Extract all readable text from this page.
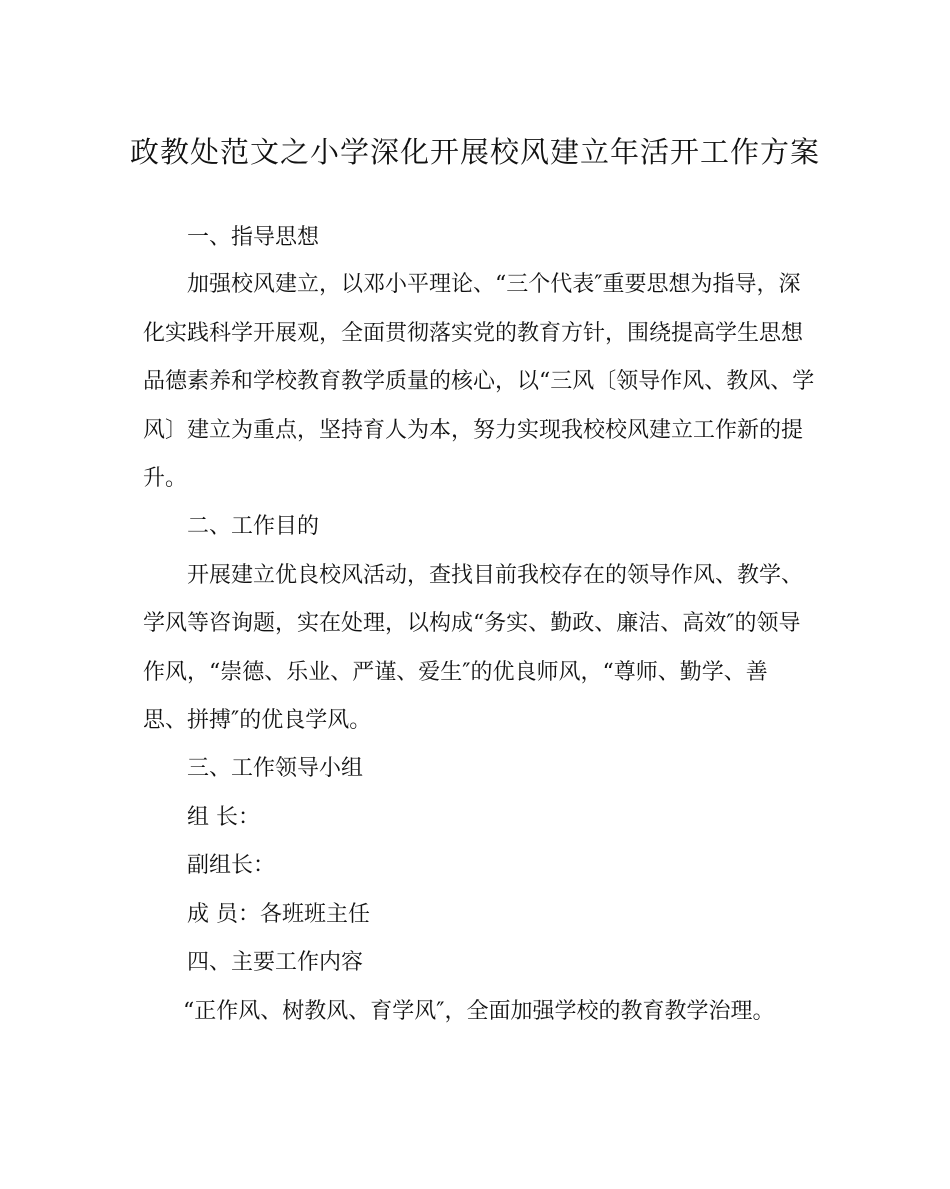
政教处范文之小学深化开展校风建立年活开工作方案

一、指导思想

加强校风建立，以邓小平理论、“三个代表″重要思想为指导，深

化实践科学开展观，全面贯彻落实党的教育方针，围绕提高学生思想

品德素养和学校教育教学质量的核心，以“三风〔领导作风、教风、学

风〕建立为重点，坚持育人为本，努力实现我校校风建立工作新的提

升。

二、工作目的

开展建立优良校风活动，查找目前我校存在的领导作风、教学、

学风等咨询题，实在处理，以构成“务实、勤政、廉洁、高效″的领导

作风，“崇德、乐业、严谨、爱生″的优良师风，“尊师、勤学、善

思、拼搏″的优良学风。

三、工作领导小组

组 长：

副组长：

成 员：各班班主任

四、主要工作内容

“正作风、树教风、育学风″，全面加强学校的教育教学治理。
